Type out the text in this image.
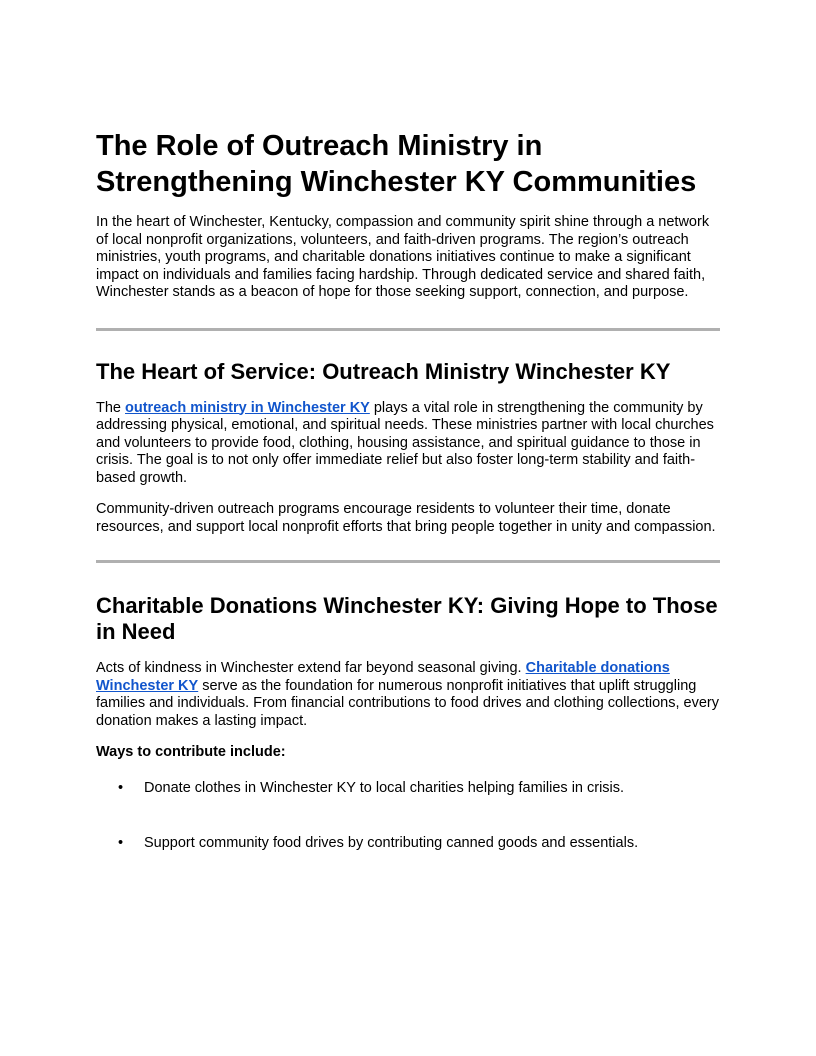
The Role of Outreach Ministry in Strengthening Winchester KY Communities

In the heart of Winchester, Kentucky, compassion and community spirit shine through a network of local nonprofit organizations, volunteers, and faith-driven programs. The region’s outreach ministries, youth programs, and charitable donations initiatives continue to make a significant impact on individuals and families facing hardship. Through dedicated service and shared faith, Winchester stands as a beacon of hope for those seeking support, connection, and purpose.

The Heart of Service: Outreach Ministry Winchester KY

The outreach ministry in Winchester KY plays a vital role in strengthening the community by addressing physical, emotional, and spiritual needs. These ministries partner with local churches and volunteers to provide food, clothing, housing assistance, and spiritual guidance to those in crisis. The goal is to not only offer immediate relief but also foster long-term stability and faith-based growth.

Community-driven outreach programs encourage residents to volunteer their time, donate resources, and support local nonprofit efforts that bring people together in unity and compassion.

Charitable Donations Winchester KY: Giving Hope to Those in Need

Acts of kindness in Winchester extend far beyond seasonal giving. Charitable donations Winchester KY serve as the foundation for numerous nonprofit initiatives that uplift struggling families and individuals. From financial contributions to food drives and clothing collections, every donation makes a lasting impact.

Ways to contribute include:

• Donate clothes in Winchester KY to local charities helping families in crisis.
• Support community food drives by contributing canned goods and essentials.
